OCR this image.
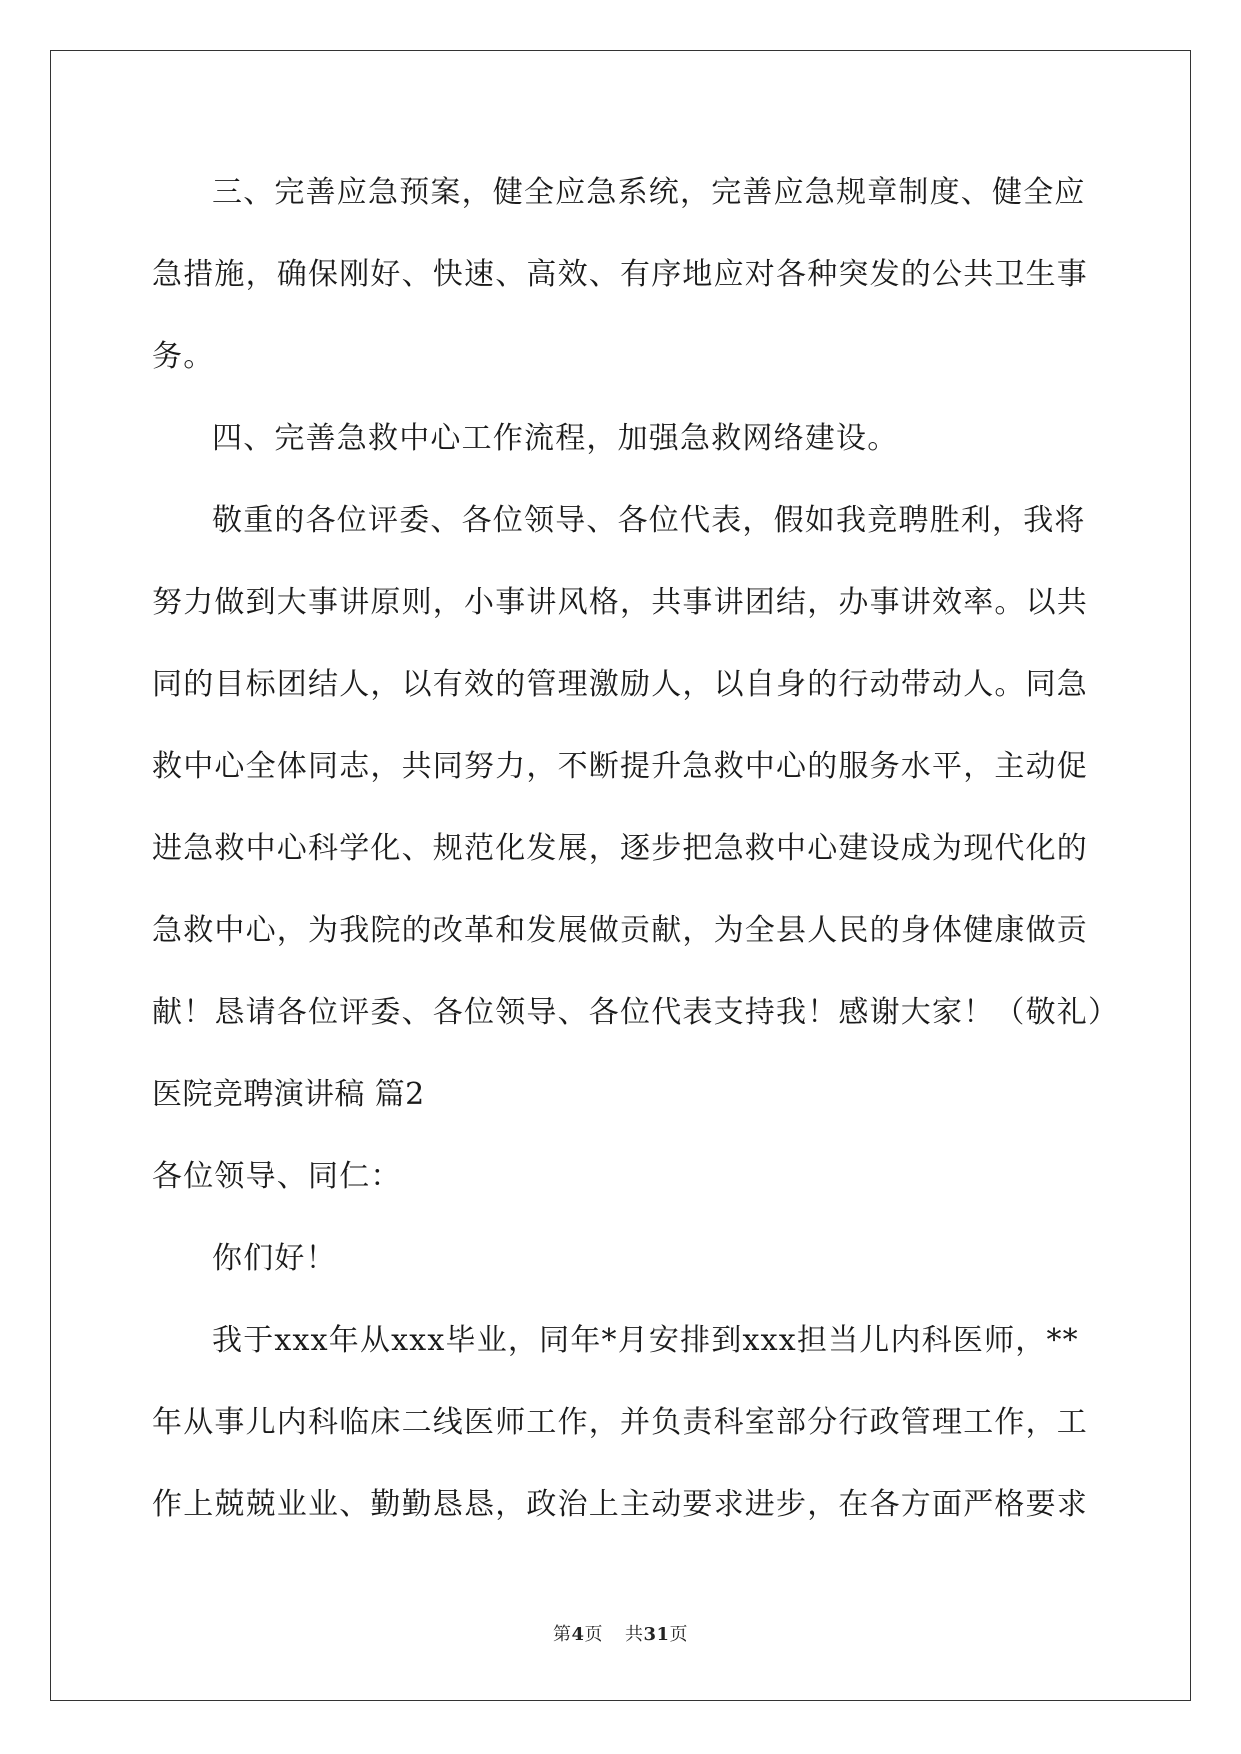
三、完善应急预案，健全应急系统，完善应急规章制度、健全应
急措施，确保刚好、快速、高效、有序地应对各种突发的公共卫生事
务。
四、完善急救中心工作流程，加强急救网络建设。
敬重的各位评委、各位领导、各位代表，假如我竞聘胜利，我将
努力做到大事讲原则，小事讲风格，共事讲团结，办事讲效率。以共
同的目标团结人，以有效的管理激励人，以自身的行动带动人。同急
救中心全体同志，共同努力，不断提升急救中心的服务水平，主动促
进急救中心科学化、规范化发展，逐步把急救中心建设成为现代化的
急救中心，为我院的改革和发展做贡献，为全县人民的身体健康做贡
献！恳请各位评委、各位领导、各位代表支持我！感谢大家！（敬礼）
医院竞聘演讲稿 篇2
各位领导、同仁：
你们好！
我于xxx年从xxx毕业，同年*月安排到xxx担当儿内科医师，**
年从事儿内科临床二线医师工作，并负责科室部分行政管理工作，工
作上兢兢业业、勤勤恳恳，政治上主动要求进步，在各方面严格要求
第4页 共31页
